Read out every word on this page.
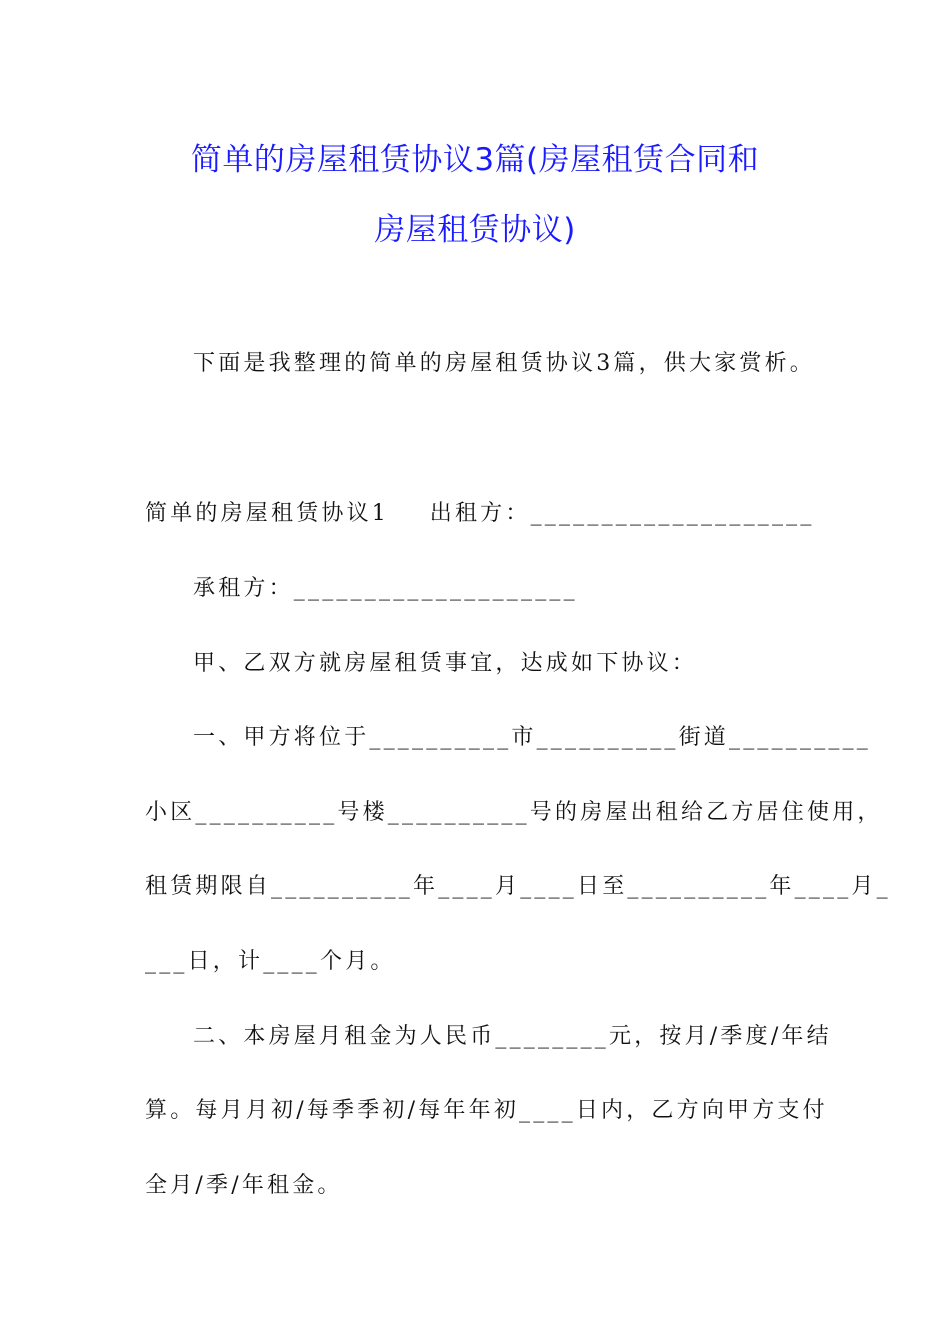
简单的房屋租赁协议3篇(房屋租赁合同和
房屋租赁协议)
下面是我整理的简单的房屋租赁协议3篇，供大家赏析。
简单的房屋租赁协议1    出租方：____________________
承租方：____________________
甲、乙双方就房屋租赁事宜，达成如下协议：
一、甲方将位于__________市__________街道__________
小区__________号楼__________号的房屋出租给乙方居住使用，
租赁期限自__________年____月____日至__________年____月_
___日，计____个月。
二、本房屋月租金为人民币________元，按月/季度/年结
算。每月月初/每季季初/每年年初____日内，乙方向甲方支付
全月/季/年租金。
